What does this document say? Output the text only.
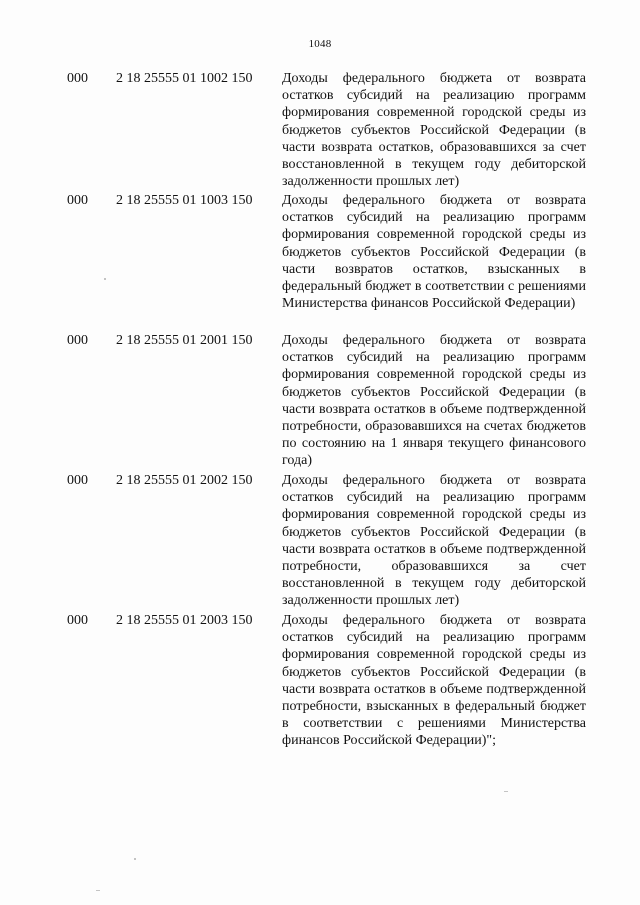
1048
000 2 18 25555 01 1002 150 Доходы федерального бюджета от возврата остатков субсидий на реализацию программ формирования современной городской среды из бюджетов субъектов Российской Федерации (в части возврата остатков, образовавшихся за счет восстановленной в текущем году дебиторской задолженности прошлых лет)
000 2 18 25555 01 1003 150 Доходы федерального бюджета от возврата остатков субсидий на реализацию программ формирования современной городской среды из бюджетов субъектов Российской Федерации (в части возвратов остатков, взысканных в федеральный бюджет в соответствии с решениями Министерства финансов Российской Федерации)
000 2 18 25555 01 2001 150 Доходы федерального бюджета от возврата остатков субсидий на реализацию программ формирования современной городской среды из бюджетов субъектов Российской Федерации (в части возврата остатков в объеме подтвержденной потребности, образовавшихся на счетах бюджетов по состоянию на 1 января текущего финансового года)
000 2 18 25555 01 2002 150 Доходы федерального бюджета от возврата остатков субсидий на реализацию программ формирования современной городской среды из бюджетов субъектов Российской Федерации (в части возврата остатков в объеме подтвержденной потребности, образовавшихся за счет восстановленной в текущем году дебиторской задолженности прошлых лет)
000 2 18 25555 01 2003 150 Доходы федерального бюджета от возврата остатков субсидий на реализацию программ формирования современной городской среды из бюджетов субъектов Российской Федерации (в части возврата остатков в объеме подтвержденной потребности, взысканных в федеральный бюджет в соответствии с решениями Министерства финансов Российской Федерации)";
